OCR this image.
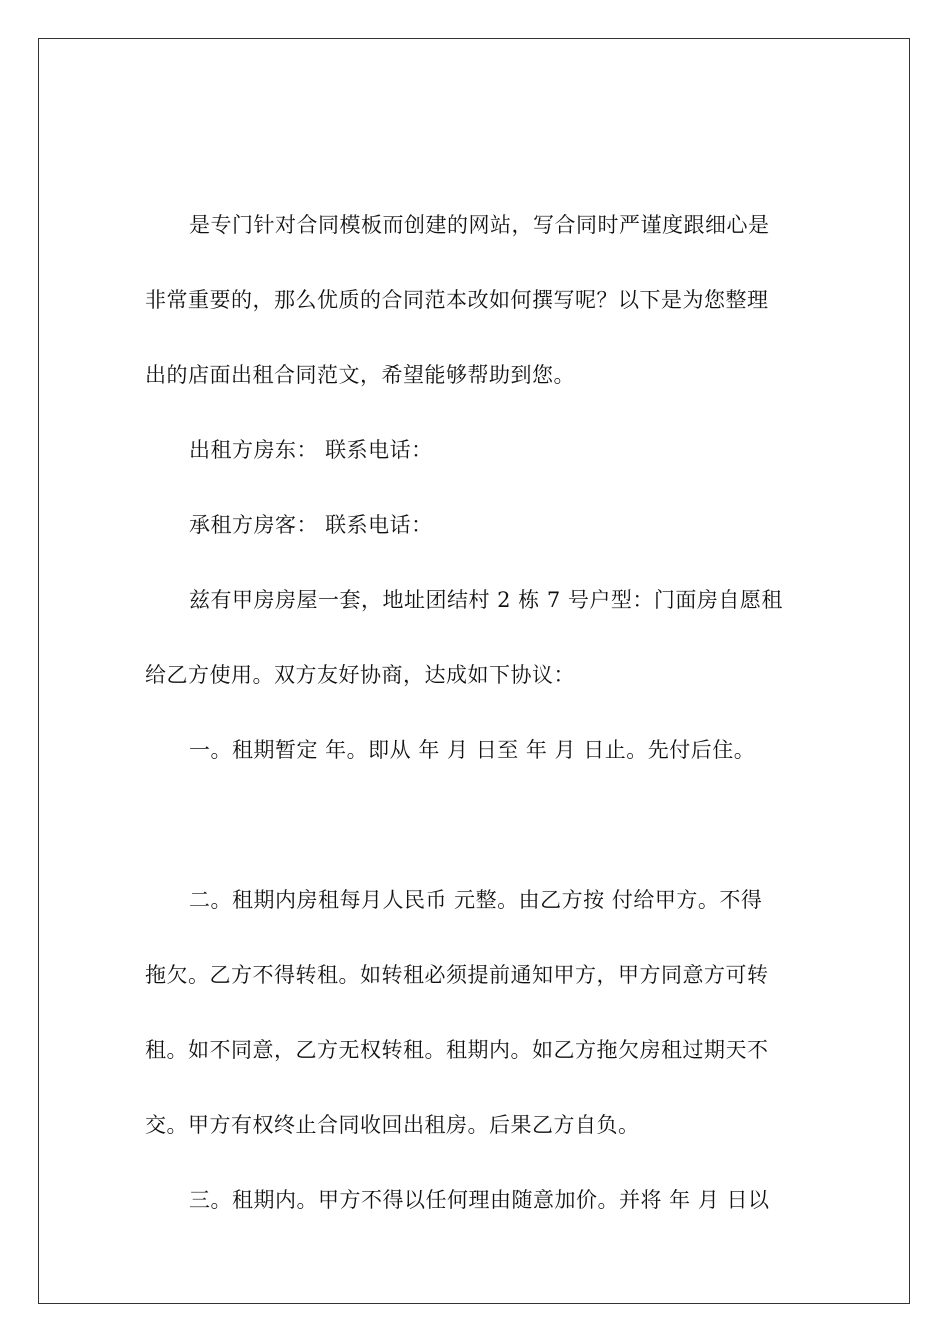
是专门针对合同模板而创建的网站，写合同时严谨度跟细心是
非常重要的，那么优质的合同范本改如何撰写呢？以下是为您整理
出的店面出租合同范文，希望能够帮助到您。
出租方房东： 联系电话：
承租方房客： 联系电话：
兹有甲房房屋一套，地址团结村 2 栋 7 号户型：门面房自愿租
给乙方使用。双方友好协商，达成如下协议：
一。租期暂定 年。即从 年 月 日至 年 月 日止。先付后住。
二。租期内房租每月人民币 元整。由乙方按 付给甲方。不得
拖欠。乙方不得转租。如转租必须提前通知甲方，甲方同意方可转
租。如不同意，乙方无权转租。租期内。如乙方拖欠房租过期天不
交。甲方有权终止合同收回出租房。后果乙方自负。
三。租期内。甲方不得以任何理由随意加价。并将 年 月 日以
